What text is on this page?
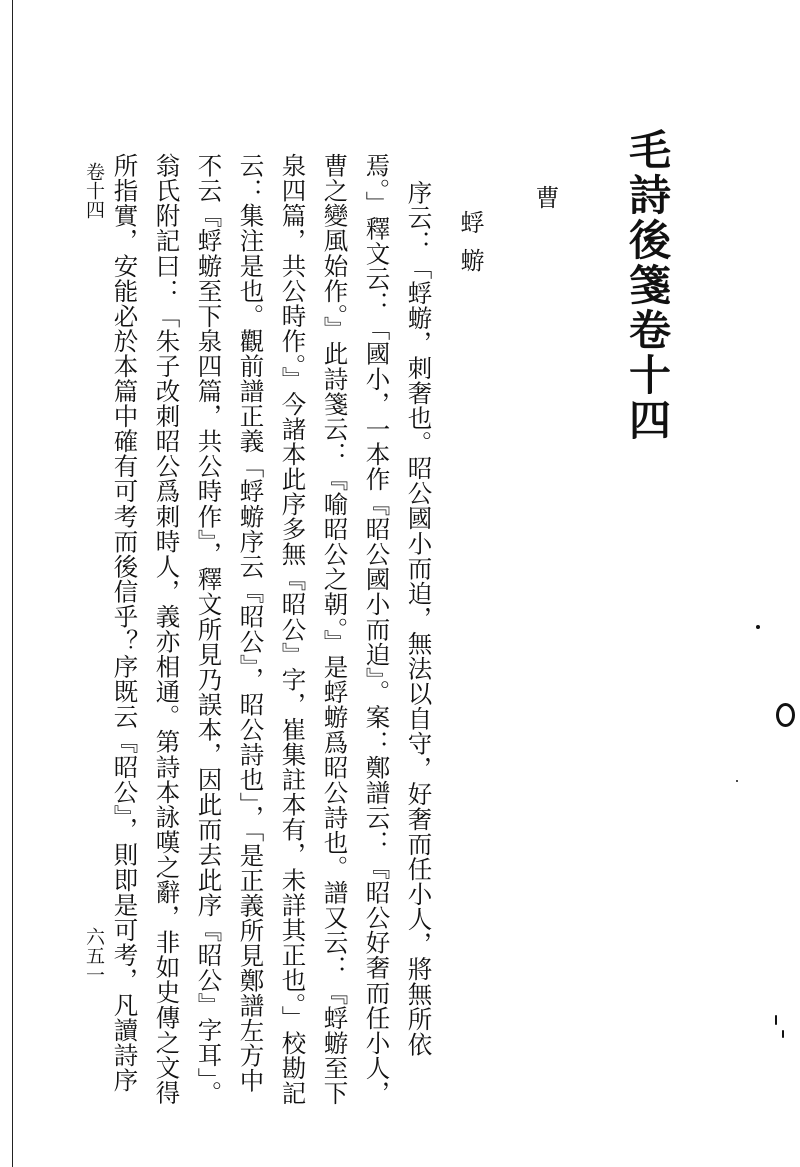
毛詩後箋卷十四
曹
蜉蝣
序云：「蜉蝣，刺奢也。昭公國小而迫，無法以自守，好奢而任小人，將無所依
焉。」釋文云：「國小，一本作『昭公國小而迫』。案：鄭譜云：『昭公好奢而任小人，
曹之變風始作。』此詩箋云：『喻昭公之朝。』是蜉蝣爲昭公詩也。譜又云：『蜉蝣至下
泉四篇，共公時作。』今諸本此序多無『昭公』字，崔集註本有，未詳其正也。」校勘記
云：集注是也。觀前譜正義「蜉蝣序云『昭公』，昭公詩也」，「是正義所見鄭譜左方中
不云『蜉蝣至下泉四篇，共公時作』，釋文所見乃誤本，因此而去此序『昭公』字耳」。
翁氏附記曰：「朱子改刺昭公爲刺時人，義亦相通。第詩本詠嘆之辭，非如史傳之文得
所指實，安能必於本篇中確有可考而後信乎？序既云『昭公』，則即是可考，凡讀詩序
卷十四
六五一
